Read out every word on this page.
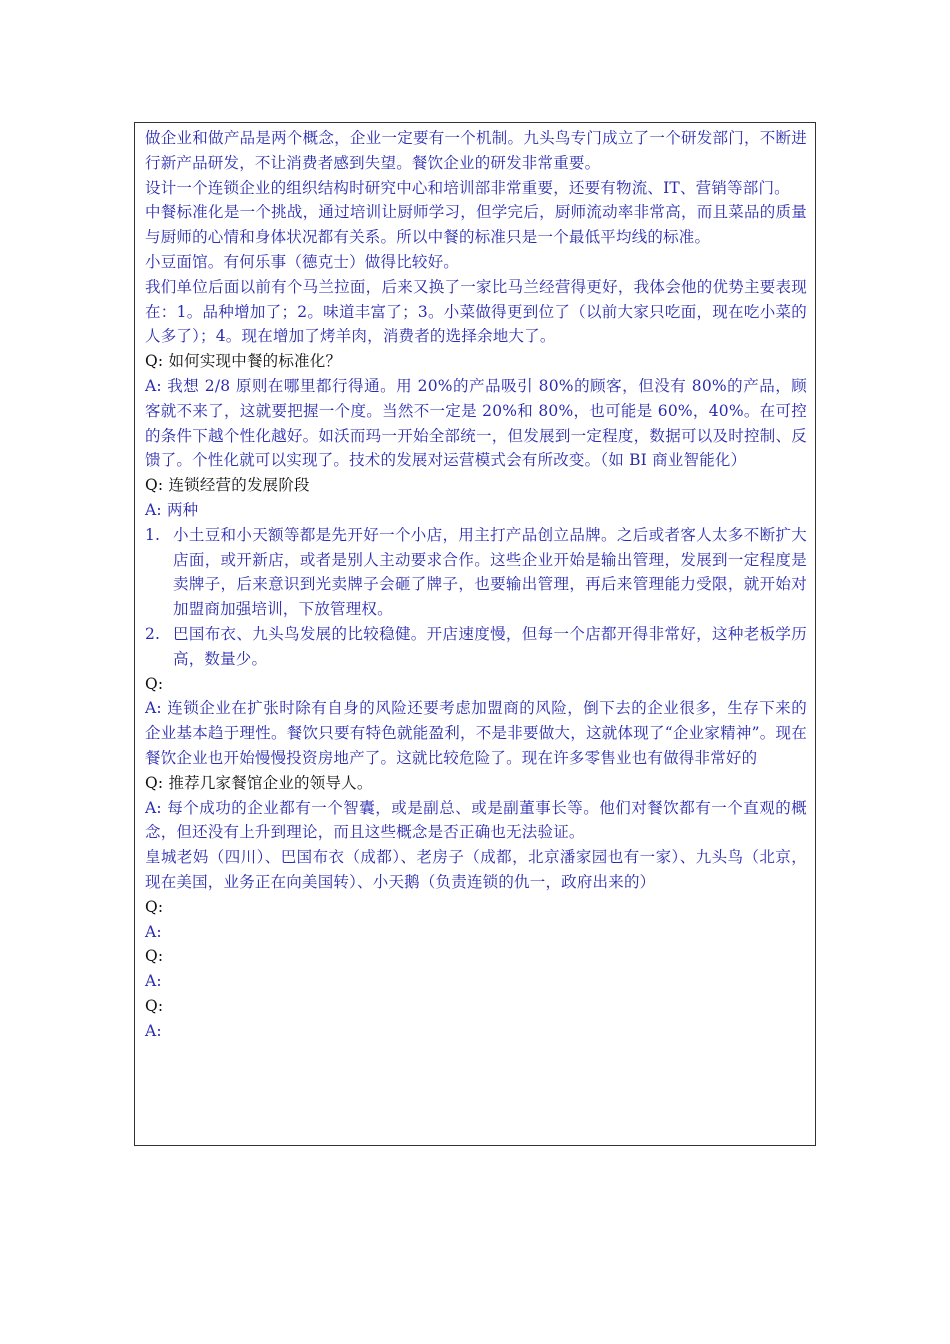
做企业和做产品是两个概念，企业一定要有一个机制。九头鸟专门成立了一个研发部门，不断进行新产品研发，不让消费者感到失望。餐饮企业的研发非常重要。

设计一个连锁企业的组织结构时研究中心和培训部非常重要，还要有物流、IT、营销等部门。

中餐标准化是一个挑战，通过培训让厨师学习，但学完后，厨师流动率非常高，而且菜品的质量与厨师的心情和身体状况都有关系。所以中餐的标准只是一个最低平均线的标准。

小豆面馆。有何乐事（德克士）做得比较好。

我们单位后面以前有个马兰拉面，后来又换了一家比马兰经营得更好，我体会他的优势主要表现在：1。品种增加了；2。味道丰富了；3。小菜做得更到位了（以前大家只吃面，现在吃小菜的人多了）；4。现在增加了烤羊肉，消费者的选择余地大了。

Q: 如何实现中餐的标准化？

A: 我想 2/8 原则在哪里都行得通。用 20%的产品吸引 80%的顾客，但没有 80%的产品，顾客就不来了，这就要把握一个度。当然不一定是 20%和 80%，也可能是 60%，40%。在可控的条件下越个性化越好。如沃而玛一开始全部统一，但发展到一定程度，数据可以及时控制、反馈了。个性化就可以实现了。技术的发展对运营模式会有所改变。（如 BI 商业智能化）

Q: 连锁经营的发展阶段

A: 两种

1. 小土豆和小天额等都是先开好一个小店，用主打产品创立品牌。之后或者客人太多不断扩大店面，或开新店，或者是别人主动要求合作。这些企业开始是输出管理，发展到一定程度是卖牌子，后来意识到光卖牌子会砸了牌子，也要输出管理，再后来管理能力受限，就开始对加盟商加强培训，下放管理权。
2. 巴国布衣、九头鸟发展的比较稳健。开店速度慢，但每一个店都开得非常好，这种老板学历高，数量少。

Q:

A: 连锁企业在扩张时除有自身的风险还要考虑加盟商的风险，倒下去的企业很多，生存下来的企业基本趋于理性。餐饮只要有特色就能盈利，不是非要做大，这就体现了“企业家精神”。现在餐饮企业也开始慢慢投资房地产了。这就比较危险了。现在许多零售业也有做得非常好的

Q: 推荐几家餐馆企业的领导人。

A: 每个成功的企业都有一个智囊，或是副总、或是副董事长等。他们对餐饮都有一个直观的概念，但还没有上升到理论，而且这些概念是否正确也无法验证。

皇城老妈（四川）、巴国布衣（成都）、老房子（成都，北京潘家园也有一家）、九头鸟（北京，现在美国，业务正在向美国转）、小天鹅（负责连锁的仇一，政府出来的）

Q:

A:

Q:

A:

Q:

A:
